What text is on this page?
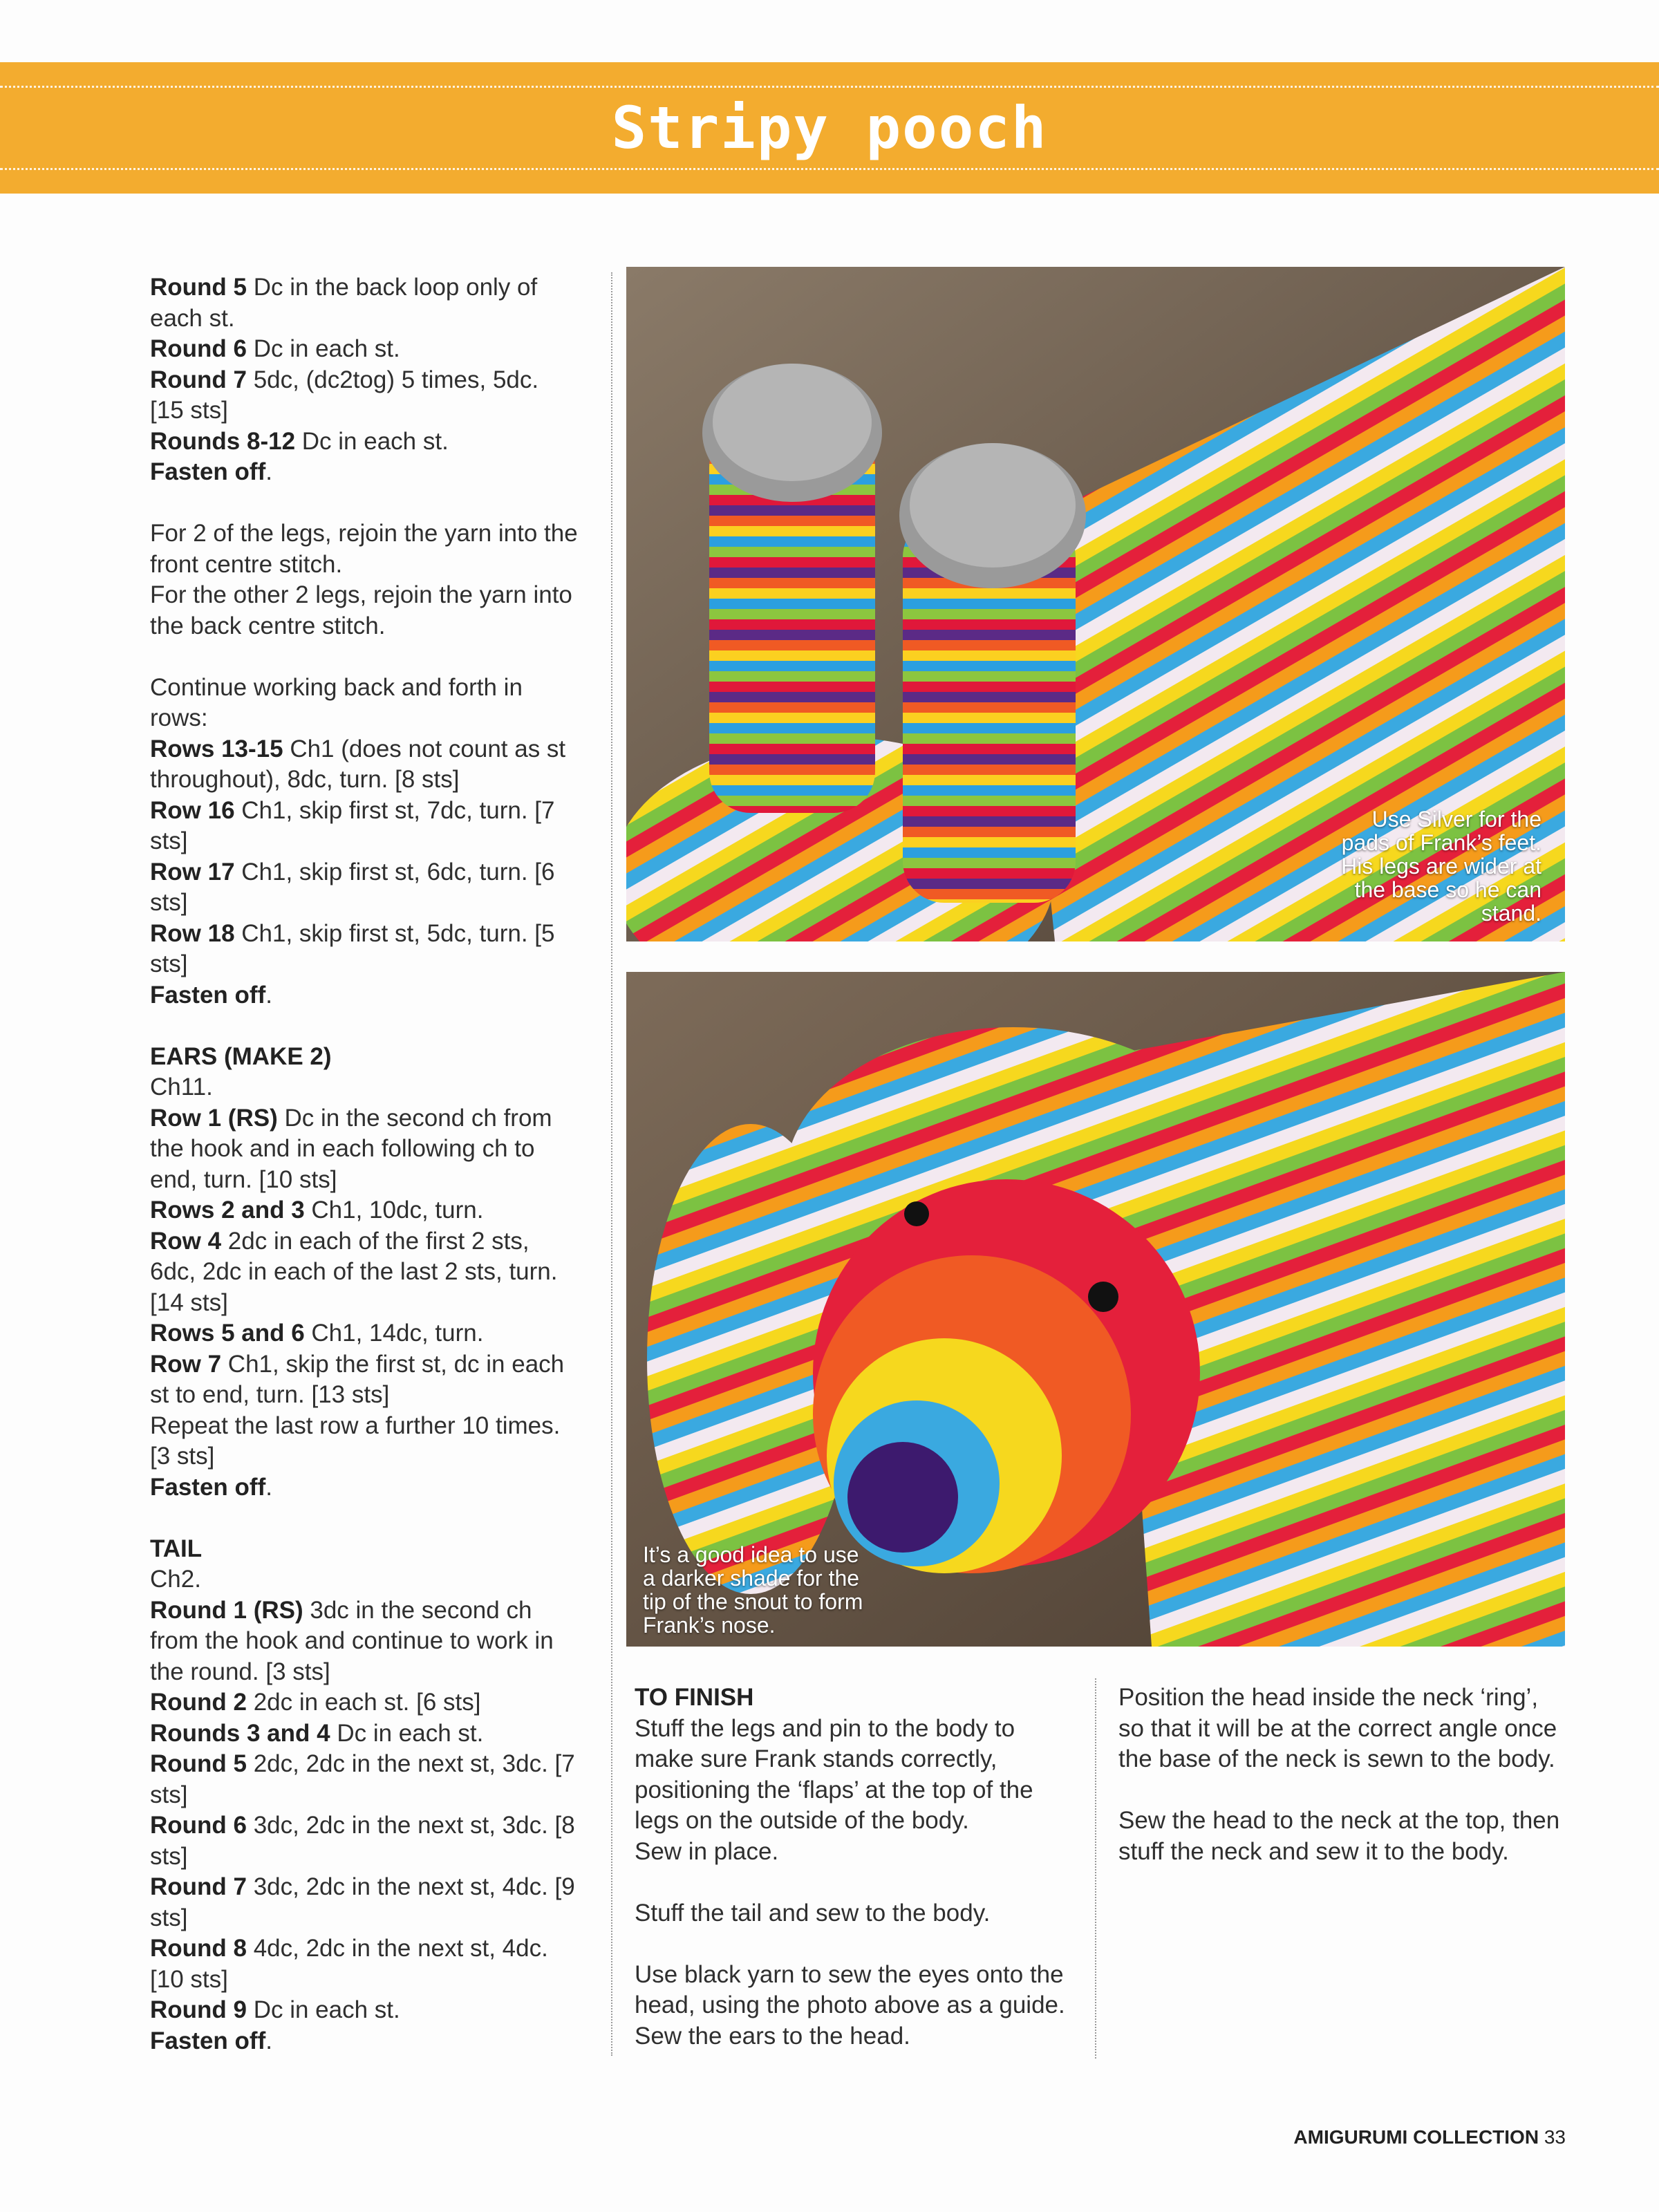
Stripy pooch

Round 5 Dc in the back loop only of each st.

Round 6 Dc in each st.

Round 7 5dc, (dc2tog) 5 times, 5dc. [15 sts]

Rounds 8-12 Dc in each st.

Fasten off.

For 2 of the legs, rejoin the yarn into the front centre stitch.

For the other 2 legs, rejoin the yarn into the back centre stitch.

Continue working back and forth in rows:

Rows 13-15 Ch1 (does not count as st throughout), 8dc, turn. [8 sts]

Row 16 Ch1, skip first st, 7dc, turn. [7 sts]

Row 17 Ch1, skip first st, 6dc, turn. [6 sts]

Row 18 Ch1, skip first st, 5dc, turn. [5 sts]

Fasten off.

EARS (MAKE 2)

Ch11.

Row 1 (RS) Dc in the second ch from the hook and in each following ch to end, turn. [10 sts]

Rows 2 and 3 Ch1, 10dc, turn.

Row 4 2dc in each of the first 2 sts, 6dc, 2dc in each of the last 2 sts, turn. [14 sts]

Rows 5 and 6 Ch1, 14dc, turn.

Row 7 Ch1, skip the first st, dc in each st to end, turn. [13 sts]

Repeat the last row a further 10 times. [3 sts]

Fasten off.

TAIL

Ch2.

Round 1 (RS) 3dc in the second ch from the hook and continue to work in the round. [3 sts]

Round 2 2dc in each st. [6 sts]

Rounds 3 and 4 Dc in each st.

Round 5 2dc, 2dc in the next st, 3dc. [7 sts]

Round 6 3dc, 2dc in the next st, 3dc. [8 sts]

Round 7 3dc, 2dc in the next st, 4dc. [9 sts]

Round 8 4dc, 2dc in the next st, 4dc. [10 sts]

Round 9 Dc in each st.

Fasten off.

Use Silver for the pads of Frank’s feet. His legs are wider at the base so he can stand.
It’s a good idea to use a darker shade for the tip of the snout to form Frank’s nose.

TO FINISH

Stuff the legs and pin to the body to make sure Frank stands correctly, positioning the ‘flaps’ at the top of the legs on the outside of the body.

Sew in place.

Stuff the tail and sew to the body.

Use black yarn to sew the eyes onto the head, using the photo above as a guide. Sew the ears to the head.

Position the head inside the neck ‘ring’, so that it will be at the correct angle once the base of the neck is sewn to the body.

Sew the head to the neck at the top, then stuff the neck and sew it to the body.

AMIGURUMI COLLECTION 33
